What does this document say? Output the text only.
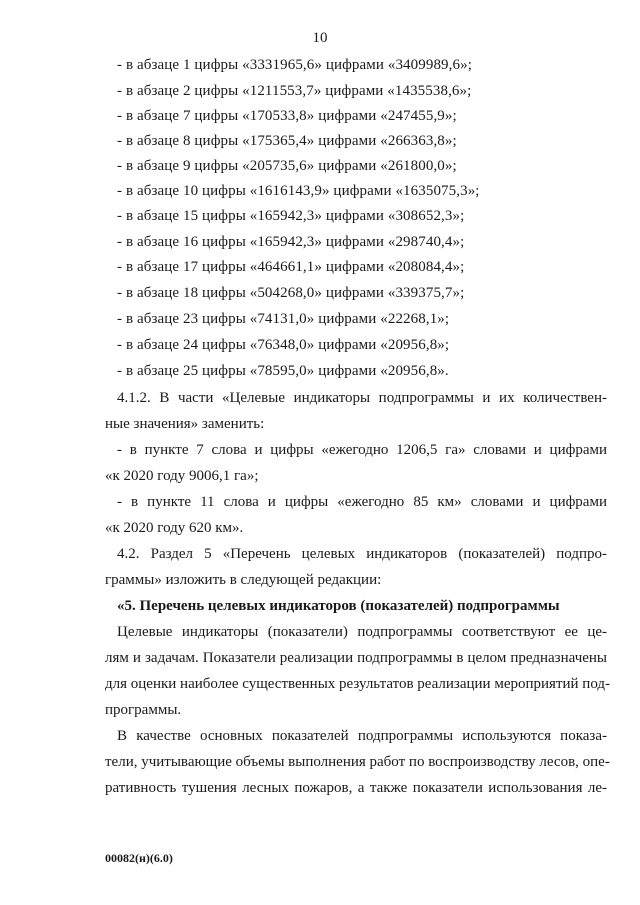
10
- в абзаце 1 цифры «3331965,6» цифрами «3409989,6»;
- в абзаце 2 цифры «1211553,7» цифрами «1435538,6»;
- в абзаце 7 цифры «170533,8» цифрами «247455,9»;
- в абзаце 8 цифры «175365,4» цифрами «266363,8»;
- в абзаце 9 цифры «205735,6» цифрами «261800,0»;
- в абзаце 10 цифры «1616143,9» цифрами «1635075,3»;
- в абзаце 15 цифры «165942,3» цифрами «308652,3»;
- в абзаце 16 цифры «165942,3» цифрами «298740,4»;
- в абзаце 17 цифры «464661,1» цифрами «208084,4»;
- в абзаце 18 цифры «504268,0» цифрами «339375,7»;
- в абзаце 23 цифры «74131,0» цифрами «22268,1»;
- в абзаце 24 цифры «76348,0» цифрами «20956,8»;
- в абзаце 25 цифры «78595,0» цифрами «20956,8».
4.1.2. В части «Целевые индикаторы подпрограммы и их количествен-
ные значения» заменить:
- в пункте 7 слова и цифры «ежегодно 1206,5 га» словами и цифрами
«к 2020 году 9006,1 га»;
- в пункте 11 слова и цифры «ежегодно 85 км» словами и цифрами
«к 2020 году 620 км».
4.2. Раздел 5 «Перечень целевых индикаторов (показателей) подпро-
граммы» изложить в следующей редакции:
«5. Перечень целевых индикаторов (показателей) подпрограммы
Целевые индикаторы (показатели) подпрограммы соответствуют ее це-
лям и задачам. Показатели реализации подпрограммы в целом предназначены
для оценки наиболее существенных результатов реализации мероприятий под-
программы.
В качестве основных показателей подпрограммы используются показа-
тели, учитывающие объемы выполнения работ по воспроизводству лесов, опе-
ративность тушения лесных пожаров, а также показатели использования ле-
00082(н)(6.0)
